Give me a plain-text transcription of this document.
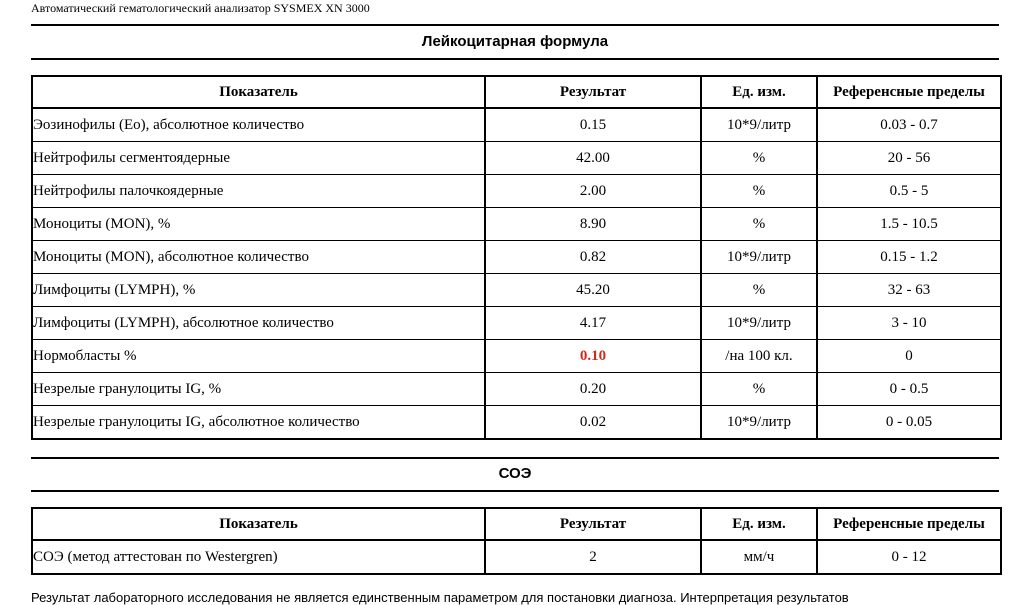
Автоматический гематологический анализатор SYSMEX XN 3000
Лейкоцитарная формула
Показатель	Результат	Ед. изм.	Референсные пределы
Эозинофилы (Eo), абсолютное количество	0.15	10*9/литр	0.03 - 0.7
Нейтрофилы сегментоядерные	42.00	%	20 - 56
Нейтрофилы палочкоядерные	2.00	%	0.5 - 5
Моноциты (MON), %	8.90	%	1.5 - 10.5
Моноциты (MON), абсолютное количество	0.82	10*9/литр	0.15 - 1.2
Лимфоциты (LYMPH), %	45.20	%	32 - 63
Лимфоциты (LYMPH), абсолютное количество	4.17	10*9/литр	3 - 10
Нормобласты %	0.10	/на 100 кл.	0
Незрелые гранулоциты IG, %	0.20	%	0 - 0.5
Незрелые гранулоциты IG, абсолютное количество	0.02	10*9/литр	0 - 0.05
СОЭ
Показатель	Результат	Ед. изм.	Референсные пределы
СОЭ (метод аттестован по Westergren)	2	мм/ч	0 - 12
Результат лабораторного исследования не является единственным параметром для постановки диагноза. Интерпретация результатов
